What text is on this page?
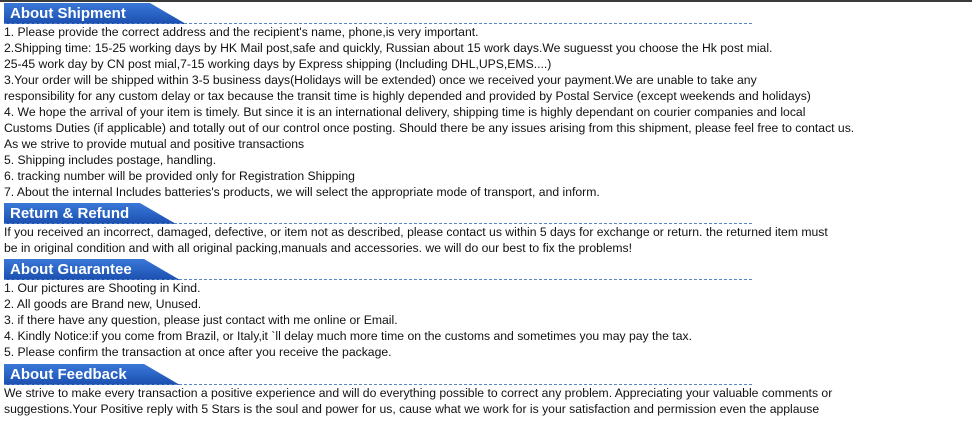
About Shipment
1. Please provide the correct address and the recipient's name, phone,is very important.
2.Shipping time: 15-25 working days by HK Mail post,safe and quickly, Russian about 15 work days.We suguesst you choose the Hk post mial.
25-45 work day by CN post mial,7-15 working days by Express shipping (Including DHL,UPS,EMS....)
3.Your order will be shipped within 3-5 business days(Holidays will be extended) once we received your payment.We are unable to take any
responsibility for any custom delay or tax because the transit time is highly depended and provided by Postal Service (except weekends and holidays)
4. We hope the arrival of your item is timely. But since it is an international delivery, shipping time is highly dependant on courier companies and local
Customs Duties (if applicable) and totally out of our control once posting. Should there be any issues arising from this shipment, please feel free to contact us.
As we strive to provide mutual and positive transactions
5. Shipping includes postage, handling.
6. tracking number will be provided only for Registration Shipping
7. About the internal Includes batteries's products, we will select the appropriate mode of transport, and inform.
Return & Refund
If you received an incorrect, damaged, defective, or item not as described, please contact us within 5 days for exchange or return. the returned item must
be in original condition and with all original packing,manuals and accessories. we will do our best to fix the problems!
About Guarantee
1. Our pictures are Shooting in Kind.
2. All goods are Brand new, Unused.
3. if there have any question, please just contact with me online or Email.
4. Kindly Notice:if you come from Brazil, or Italy,it `ll delay much more time on the customs and sometimes you may pay the tax.
5. Please confirm the transaction at once after you receive the package.
About Feedback
We strive to make every transaction a positive experience and will do everything possible to correct any problem. Appreciating your valuable comments or
suggestions.Your Positive reply with 5 Stars is the soul and power for us, cause what we work for is your satisfaction and permission even the applause
